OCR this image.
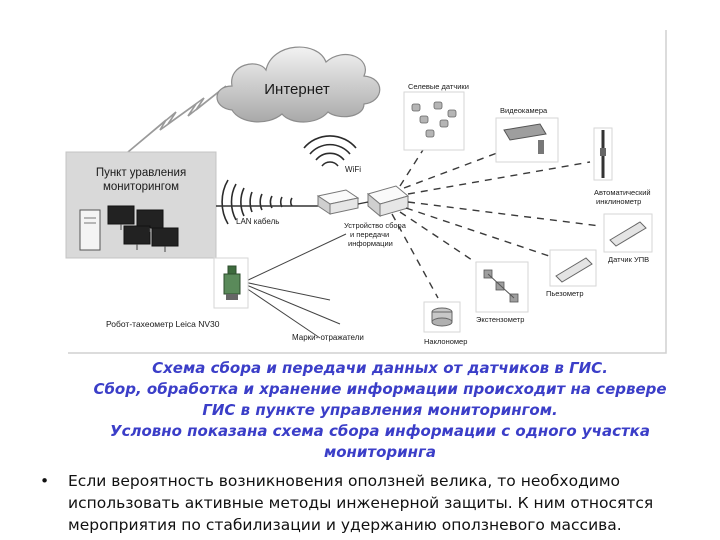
Интернет
Пункт уравления
мониторингом
WiFi
LAN кабель	Устройство сбора
и передачи
информации
Селевые датчики
Видеокамера
Автоматический
инклинометр
Датчик УПВ
Пьезометр
Экстензометр
Наклономер
Робот-тахеометр Leica NV30
Марки- отражатели
Схема сбора и передачи данных от датчиков в ГИС.
Сбор, обработка и хранение информации происходит на сервере
ГИС в пункте управления мониторингом.
Условно показана схема сбора информации с одного участка
мониторинга
• Если вероятность возникновения оползней велика, то необходимо использовать активные методы инженерной защиты. К ним относятся мероприятия по стабилизации и удержанию оползневого массива.
